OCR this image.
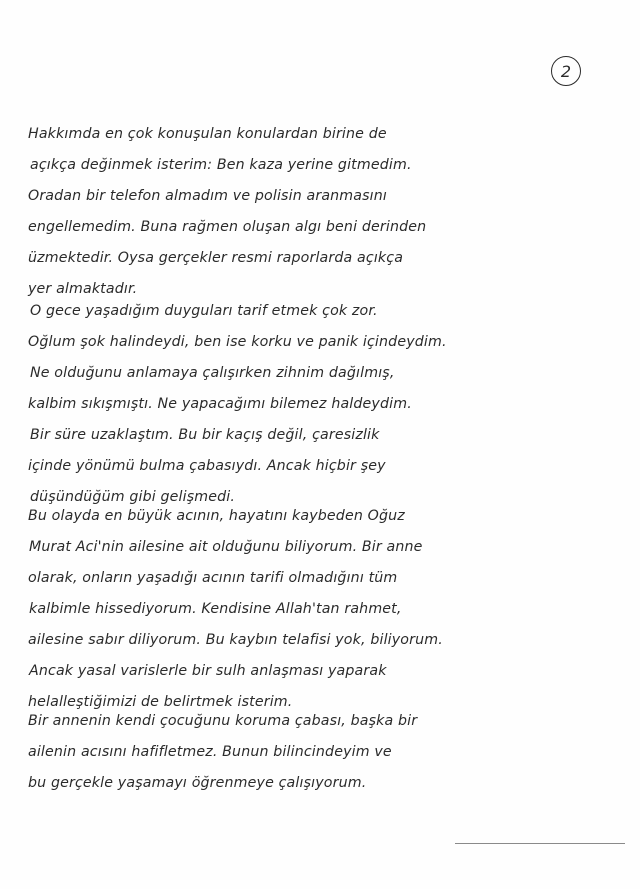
2
Hakkımda en çok konuşulan konulardan birine de
açıkça değinmek isterim: Ben kaza yerine gitmedim.
Oradan bir telefon almadım ve polisin aranmasını
engellemedim. Buna rağmen oluşan algı beni derinden
üzmektedir. Oysa gerçekler resmi raporlarda açıkça
yer almaktadır.
O gece yaşadığım duyguları tarif etmek çok zor.
Oğlum şok halindeydi, ben ise korku ve panik içindeydim.
Ne olduğunu anlamaya çalışırken zihnim dağılmış,
kalbim sıkışmıştı. Ne yapacağımı bilemez haldeydim.
Bir süre uzaklaştım. Bu bir kaçış değil, çaresizlik
içinde yönümü bulma çabasıydı. Ancak hiçbir şey
düşündüğüm gibi gelişmedi.
Bu olayda en büyük acının, hayatını kaybeden Oğuz
Murat Aci'nin ailesine ait olduğunu biliyorum. Bir anne
olarak, onların yaşadığı acının tarifi olmadığını tüm
kalbimle hissediyorum. Kendisine Allah'tan rahmet,
ailesine sabır diliyorum. Bu kaybın telafisi yok, biliyorum.
Ancak yasal varislerle bir sulh anlaşması yaparak
helalleştiğimizi de belirtmek isterim.
Bir annenin kendi çocuğunu koruma çabası, başka bir
ailenin acısını hafifletmez. Bunun bilincindeyim ve
bu gerçekle yaşamayı öğrenmeye çalışıyorum.
